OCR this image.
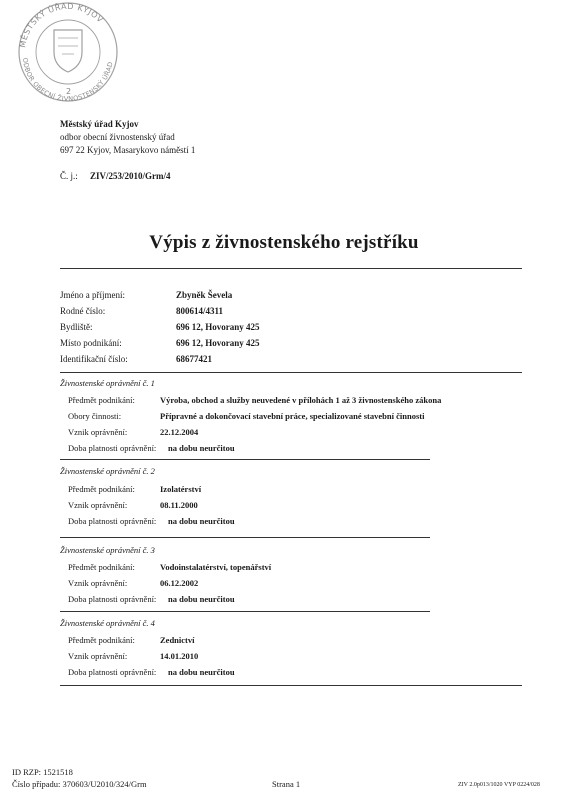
MĚSTSKÝ ÚŘAD KYJOV
ODBOR OBECNÍ ŽIVNOSTENSKÝ ÚŘAD
2
Městský úřad Kyjov
odbor obecní živnostenský úřad
697 22 Kyjov, Masarykovo náměstí 1
Č. j.: ZIV/253/2010/Grm/4
Výpis z živnostenského rejstříku
Jméno a příjmení:	Zbyněk Ševela
Rodné číslo:	800614/4311
Bydliště:	696 12, Hovorany 425
Místo podnikání:	696 12, Hovorany 425
Identifikační číslo:	68677421
Živnostenské oprávnění č. 1
Předmět podnikání:	Výroba, obchod a služby neuvedené v přílohách 1 až 3 živnostenského zákona
Obory činnosti:	Přípravné a dokončovací stavební práce, specializované stavební činnosti
Vznik oprávnění:	22.12.2004
Doba platnosti oprávnění: na dobu neurčitou
Živnostenské oprávnění č. 2
Předmět podnikání:	Izolatérství
Vznik oprávnění:	08.11.2000
Doba platnosti oprávnění: na dobu neurčitou
Živnostenské oprávnění č. 3
Předmět podnikání:	Vodoinstalatérství, topenářství
Vznik oprávnění:	06.12.2002
Doba platnosti oprávnění: na dobu neurčitou
Živnostenské oprávnění č. 4
Předmět podnikání:	Zednictví
Vznik oprávnění:	14.01.2010
Doba platnosti oprávnění: na dobu neurčitou
ID RZP: 1521518
Číslo případu: 370603/U2010/324/Grm	Strana 1	ZIV 2.0p013/1020 VYP 0224/028
